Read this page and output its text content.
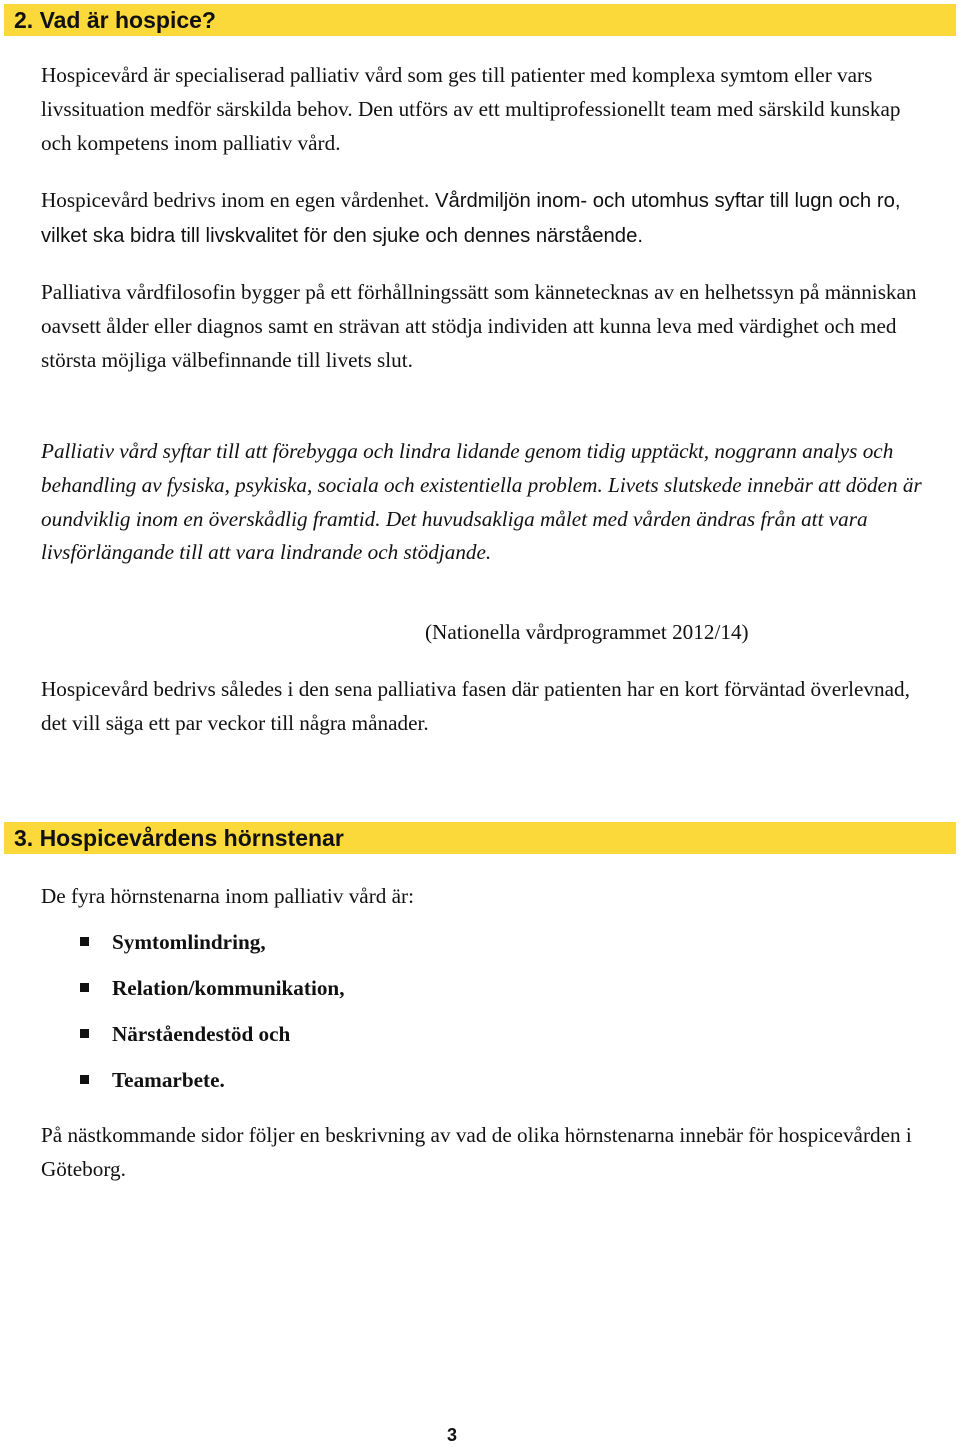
2. Vad är hospice?

Hospicevård är specialiserad palliativ vård som ges till patienter med komplexa symtom eller vars livssituation medför särskilda behov. Den utförs av ett multiprofessionellt team med särskild kunskap och kompetens inom palliativ vård.

Hospicevård bedrivs inom en egen vårdenhet. Vårdmiljön inom- och utomhus syftar till lugn och ro, vilket ska bidra till livskvalitet för den sjuke och dennes närstående.

Palliativa vårdfilosofin bygger på ett förhållningssätt som kännetecknas av en helhetssyn på människan oavsett ålder eller diagnos samt en strävan att stödja individen att kunna leva med värdighet och med största möjliga välbefinnande till livets slut.

Palliativ vård syftar till att förebygga och lindra lidande genom tidig upptäckt, noggrann analys och behandling av fysiska, psykiska, sociala och existentiella problem. Livets slutskede innebär att döden är oundviklig inom en överskådlig framtid. Det huvudsakliga målet med vården ändras från att vara livsförlängande till att vara lindrande och stödjande.

(Nationella vårdprogrammet 2012/14)

Hospicevård bedrivs således i den sena palliativa fasen där patienten har en kort förväntad överlevnad, det vill säga ett par veckor till några månader.

3. Hospicevårdens hörnstenar

De fyra hörnstenarna inom palliativ vård är:

Symtomlindring,
Relation/kommunikation,
Närståendestöd och
Teamarbete.

På nästkommande sidor följer en beskrivning av vad de olika hörnstenarna innebär för hospicevården i Göteborg.

3
